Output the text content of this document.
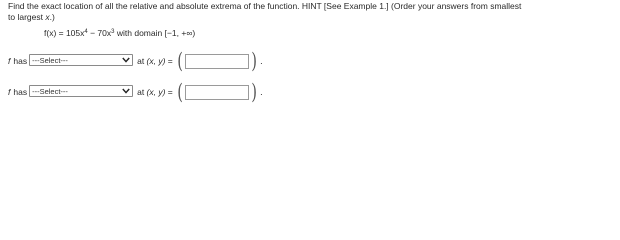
Find the exact location of all the relative and absolute extrema of the function. HINT [See Example 1.] (Order your answers from smallest
to largest x.)
$f(x) = 105x^4 - 70x^3$ with domain [−1, +∞)
f has ---Select---	at (x, y) = (	) .
f has ---Select---	at (x, y) = (	) .
